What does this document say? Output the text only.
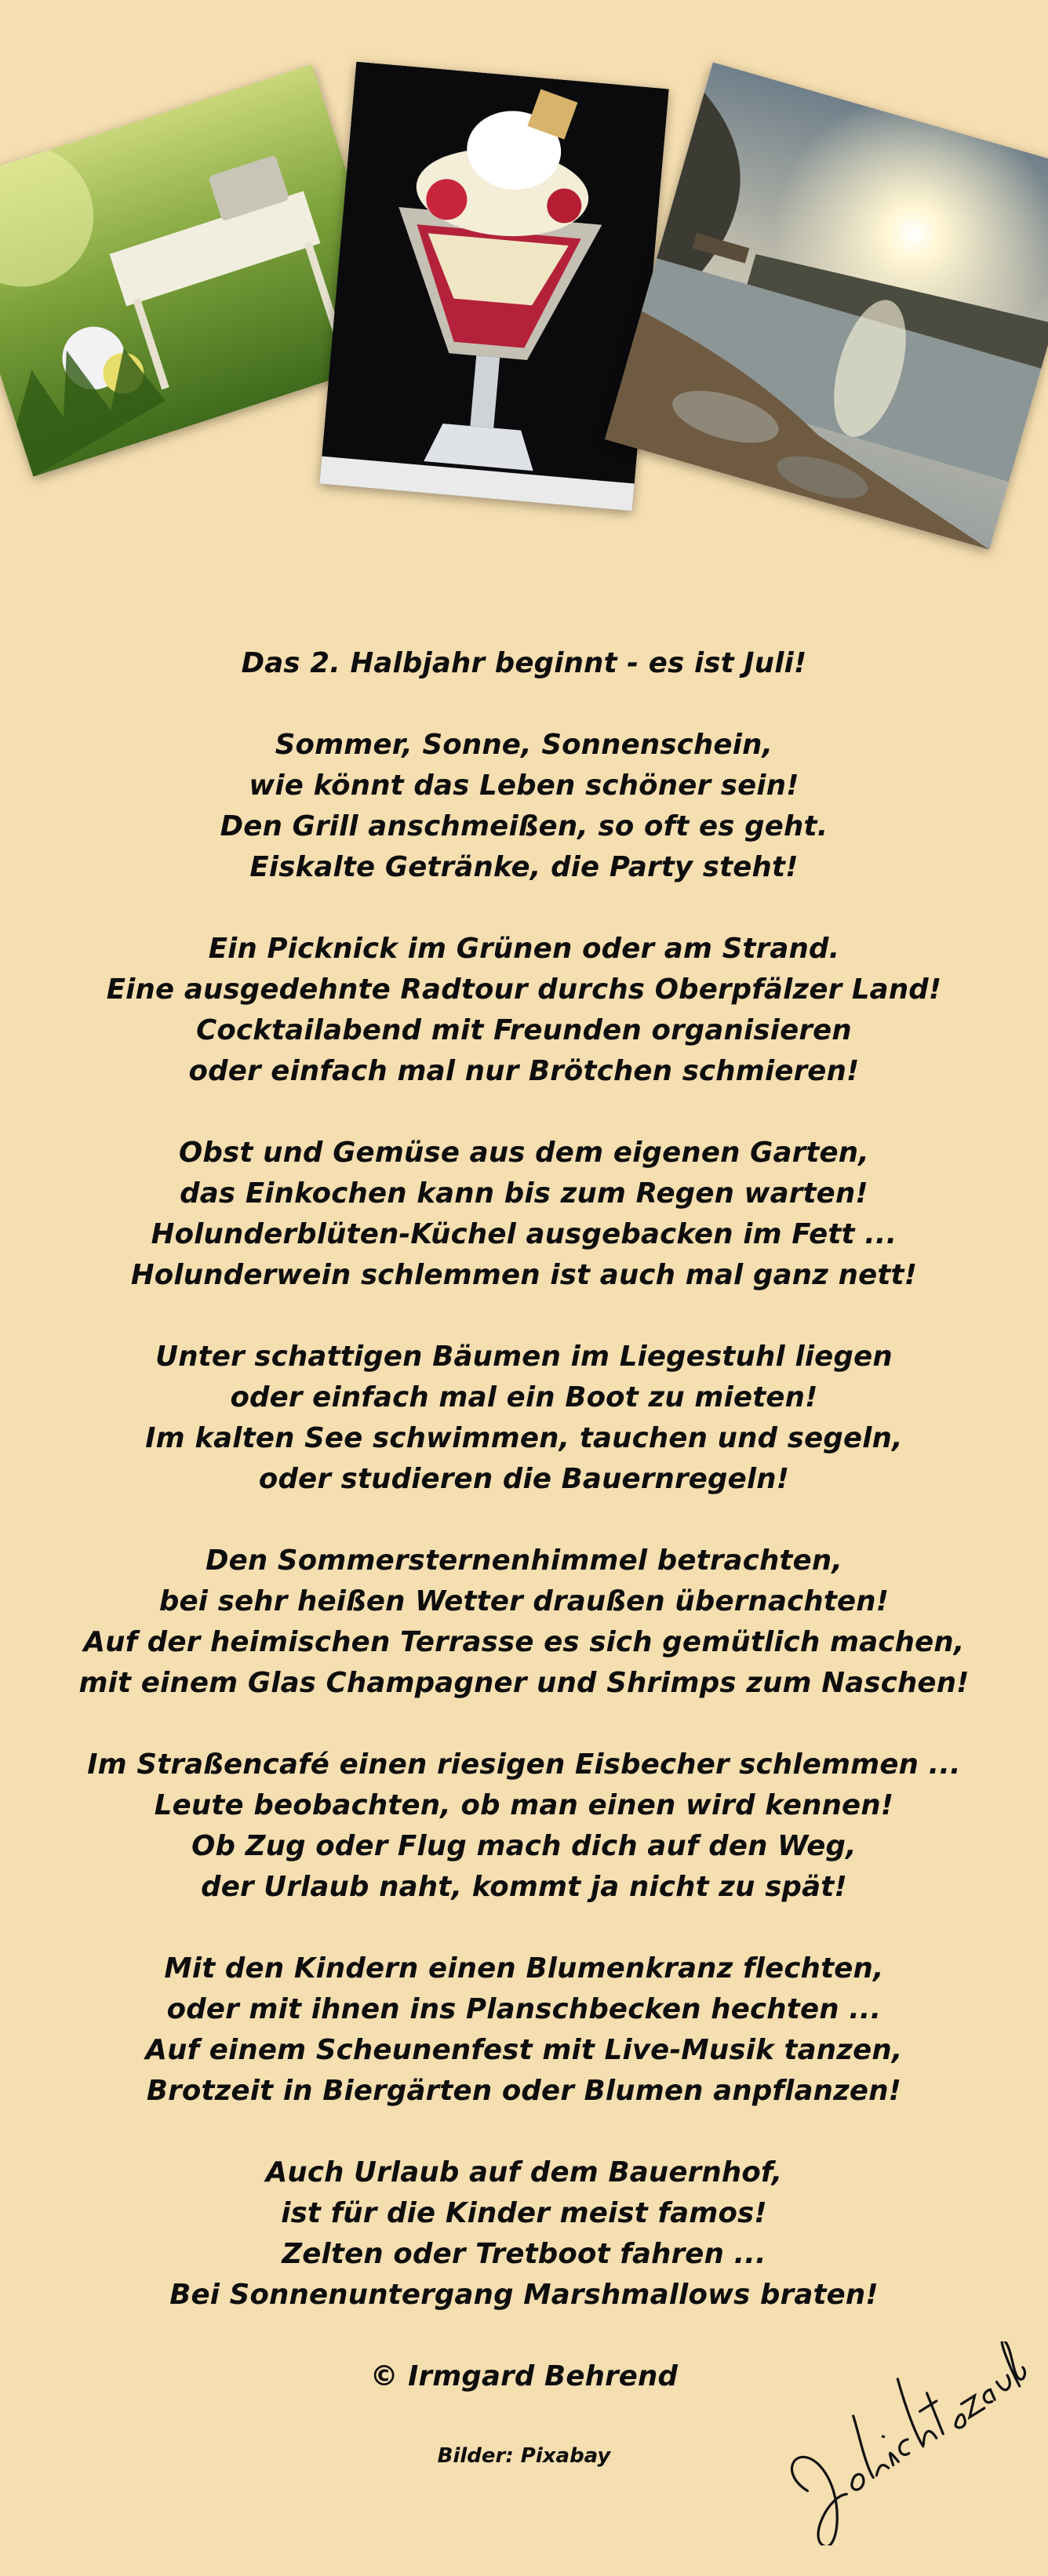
Das 2. Halbjahr beginnt - es ist Juli!
Sommer, Sonne, Sonnenschein,
wie könnt das Leben schöner sein!
Den Grill anschmeißen, so oft es geht.
Eiskalte Getränke, die Party steht!
Ein Picknick im Grünen oder am Strand.
Eine ausgedehnte Radtour durchs Oberpfälzer Land!
Cocktailabend mit Freunden organisieren
oder einfach mal nur Brötchen schmieren!
Obst und Gemüse aus dem eigenen Garten,
das Einkochen kann bis zum Regen warten!
Holunderblüten-Küchel ausgebacken im Fett ...
Holunderwein schlemmen ist auch mal ganz nett!
Unter schattigen Bäumen im Liegestuhl liegen
oder einfach mal ein Boot zu mieten!
Im kalten See schwimmen, tauchen und segeln,
oder studieren die Bauernregeln!
Den Sommersternenhimmel betrachten,
bei sehr heißen Wetter draußen übernachten!
Auf der heimischen Terrasse es sich gemütlich machen,
mit einem Glas Champagner und Shrimps zum Naschen!
Im Straßencafé einen riesigen Eisbecher schlemmen ...
Leute beobachten, ob man einen wird kennen!
Ob Zug oder Flug mach dich auf den Weg,
der Urlaub naht, kommt ja nicht zu spät!
Mit den Kindern einen Blumenkranz flechten,
oder mit ihnen ins Planschbecken hechten ...
Auf einem Scheunenfest mit Live-Musik tanzen,
Brotzeit in Biergärten oder Blumen anpflanzen!
Auch Urlaub auf dem Bauernhof,
ist für die Kinder meist famos!
Zelten oder Tretboot fahren ...
Bei Sonnenuntergang Marshmallows braten!
© Irmgard Behrend
Bilder: Pixabay
